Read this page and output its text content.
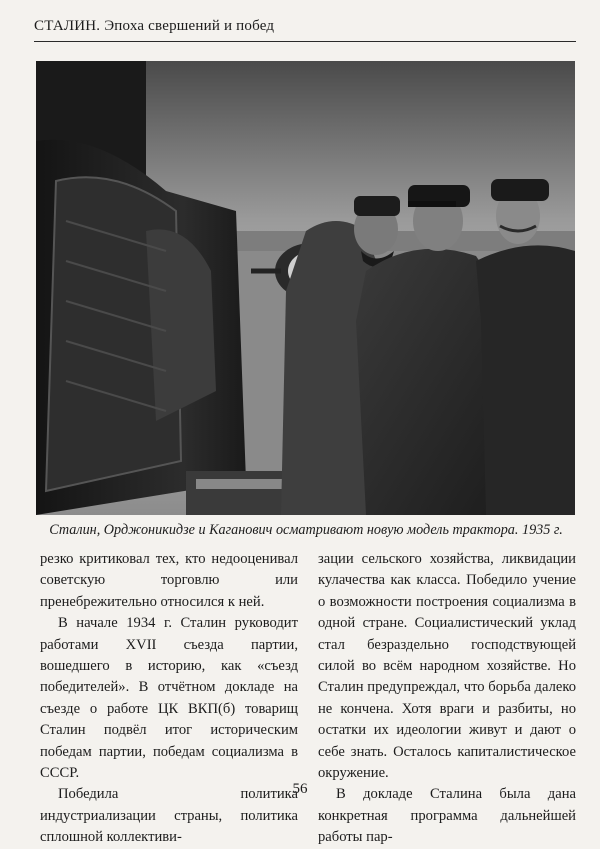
СТАЛИН. Эпоха свершений и побед
Сталин, Орджоникидзе и Каганович осматривают новую модель трактора. 1935 г.

резко критиковал тех, кто недооценивал советскую торговлю или пренебрежительно относился к ней.

В начале 1934 г. Сталин руководит работами XVII съезда партии, вошедшего в историю, как «съезд победителей». В отчётном докладе на съезде о работе ЦК ВКП(б) товарищ Сталин подвёл итог историческим победам партии, победам социализма в СССР.

Победила политика индустриализации страны, политика сплошной коллективи-

зации сельского хозяйства, ликвидации кулачества как класса. Победило учение о возможности построения социализма в одной стране. Социалистический уклад стал безраздельно господствующей силой во всём народном хозяйстве. Но Сталин предупреждал, что борьба далеко не кончена. Хотя враги и разбиты, но остатки их идеологии живут и дают о себе знать. Осталось капиталистическое окружение.

В докладе Сталина была дана конкретная программа дальнейшей работы пар-

56
